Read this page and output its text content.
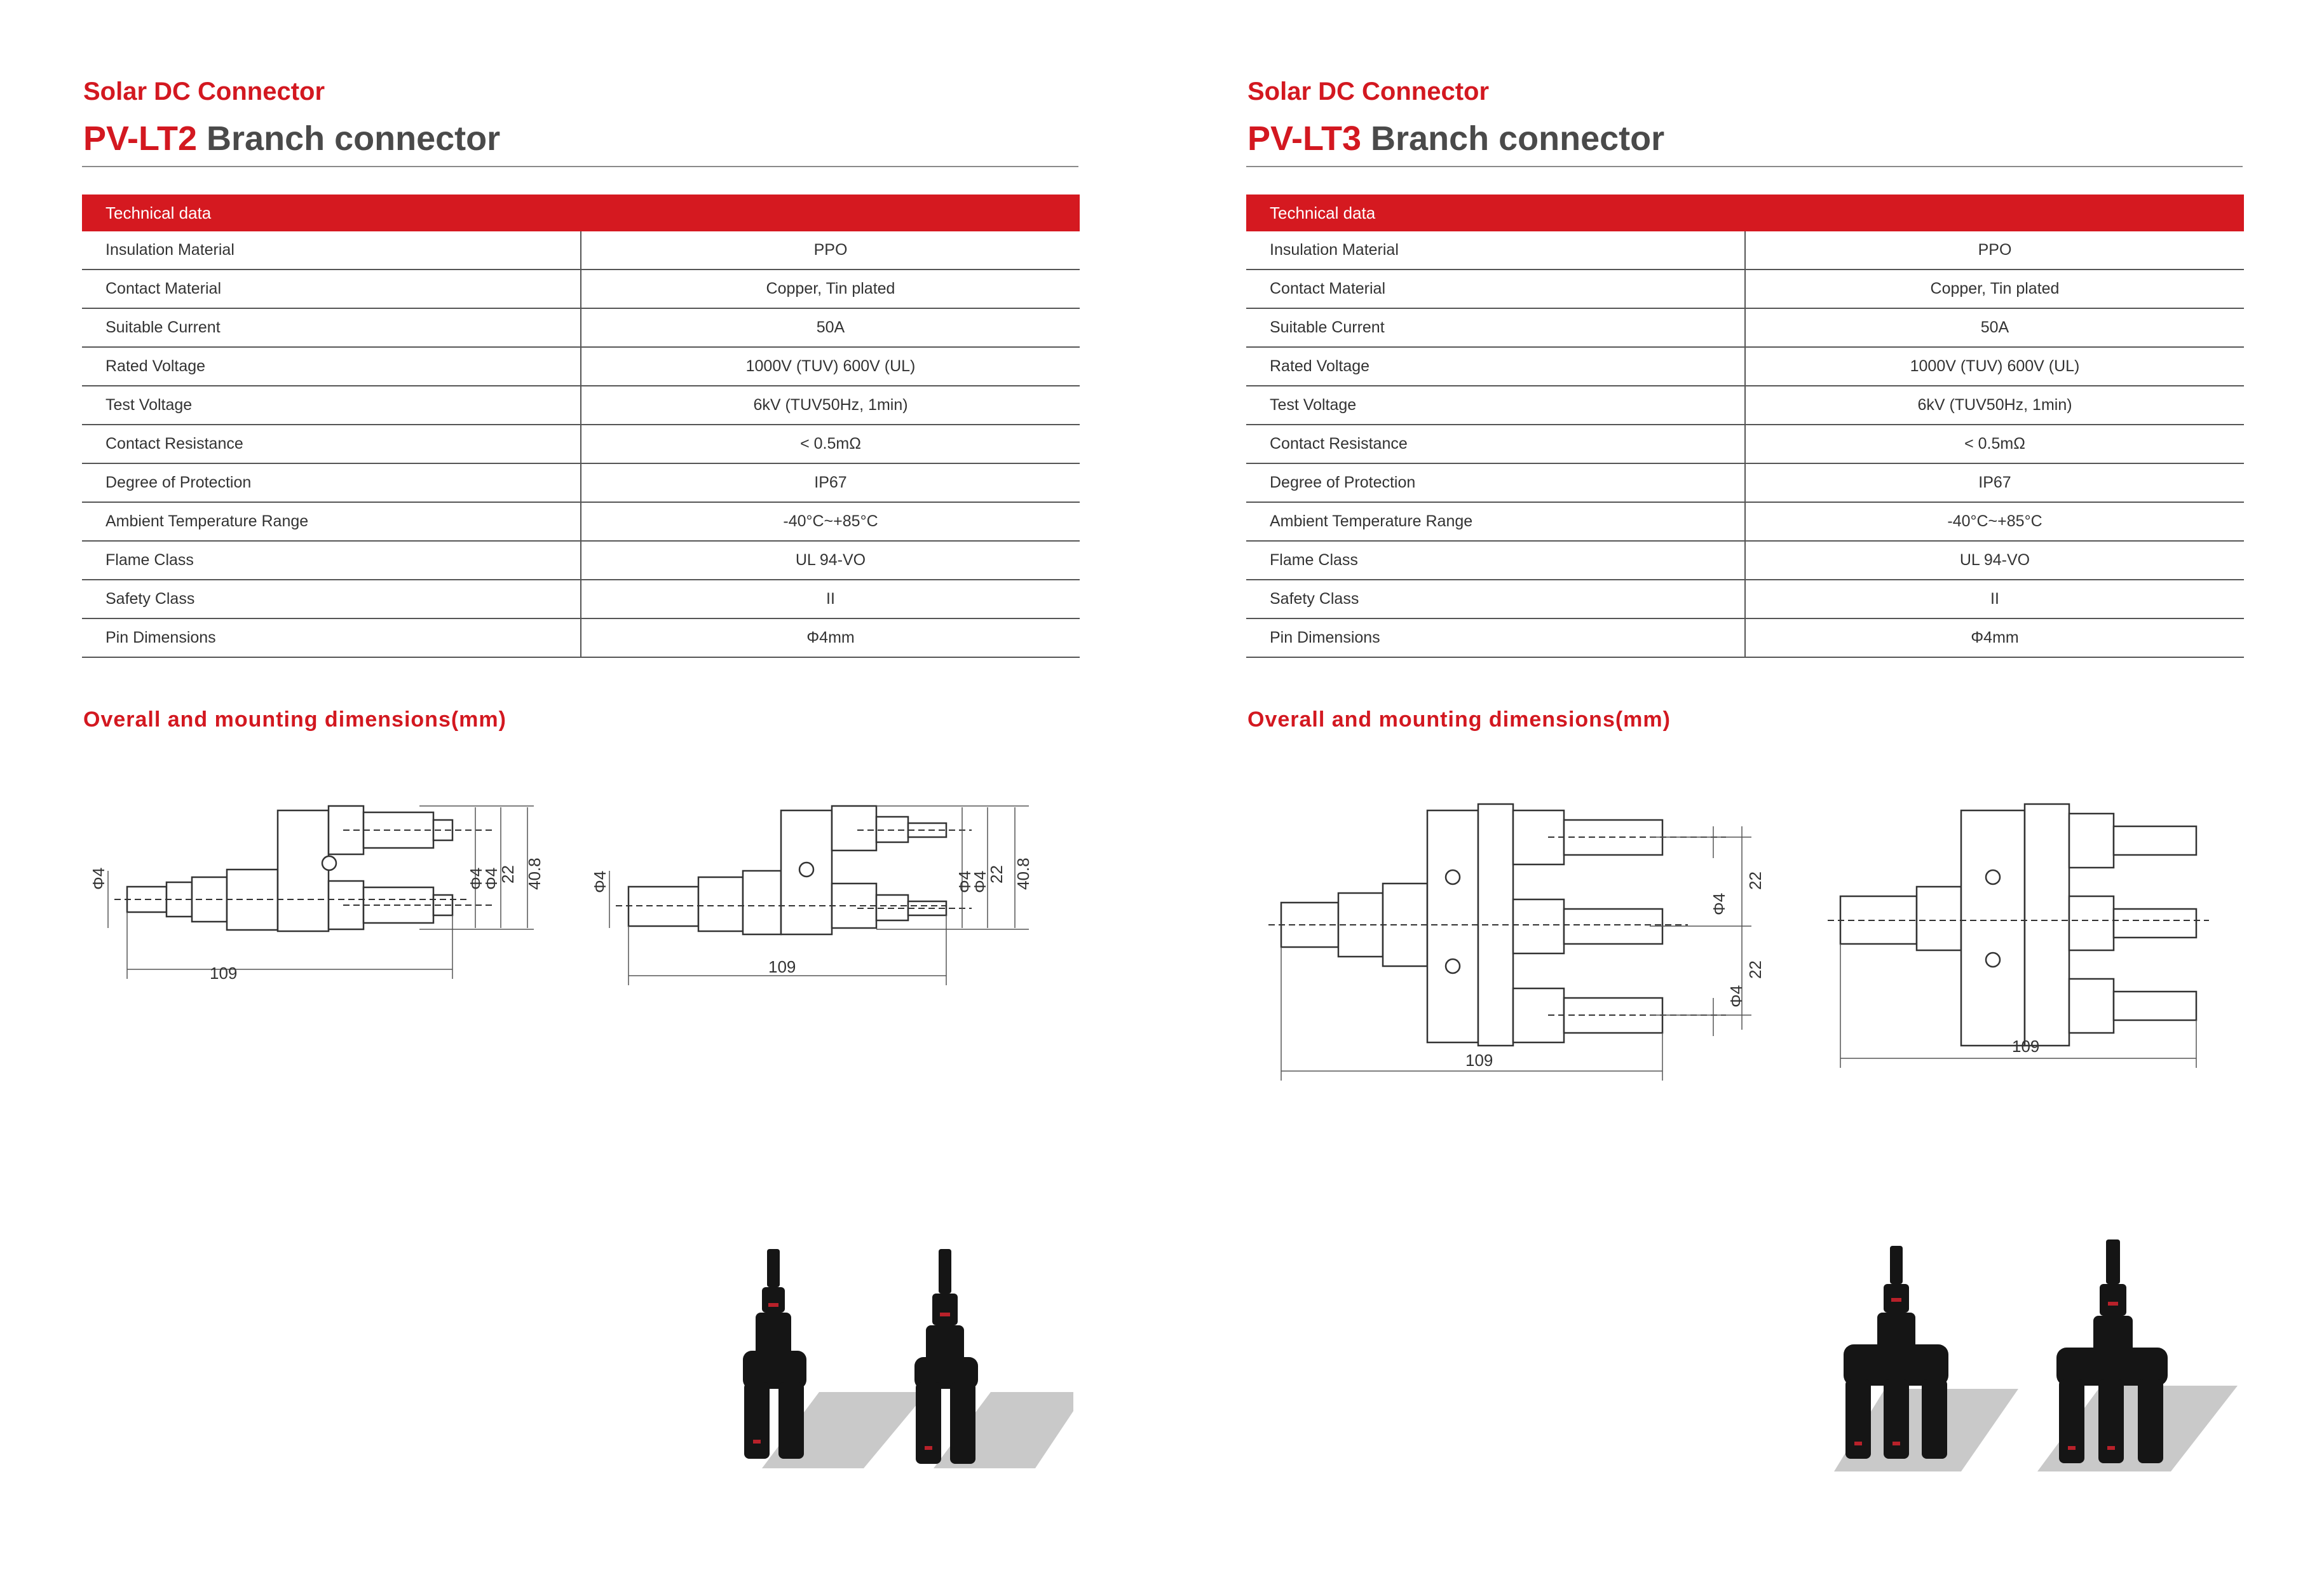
Solar DC Connector
PV-LT2 Branch connector
Technical data	
Insulation Material	PPO
Contact Material	Copper, Tin plated
Suitable Current	50A
Rated Voltage	1000V (TUV) 600V (UL)
Test Voltage	6kV (TUV50Hz, 1min)
Contact Resistance	< 0.5mΩ
Degree of Protection	IP67
Ambient Temperature Range	-40°C~+85°C
Flame Class	UL 94-VO
Safety Class	II
Pin Dimensions	Φ4mm
Overall and mounting dimensions(mm)
109
Φ4	Φ4
Φ4
22 40.8
109
Φ4	Φ4
Φ4
22 40.8
Solar DC Connector
PV-LT3 Branch connector
Technical data	
Insulation Material	PPO
Contact Material	Copper, Tin plated
Suitable Current	50A
Rated Voltage	1000V (TUV) 600V (UL)
Test Voltage	6kV (TUV50Hz, 1min)
Contact Resistance	< 0.5mΩ
Degree of Protection	IP67
Ambient Temperature Range	-40°C~+85°C
Flame Class	UL 94-VO
Safety Class	II
Pin Dimensions	Φ4mm
Overall and mounting dimensions(mm)
109
Φ4
Φ4
22
22
109
